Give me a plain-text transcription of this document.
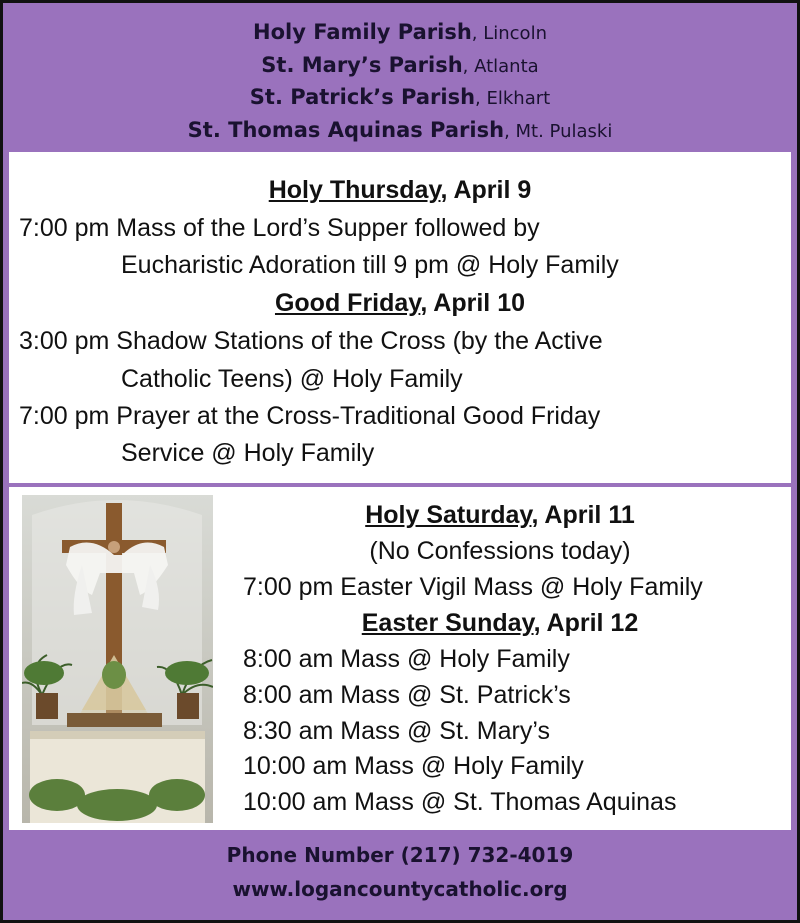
Holy Family Parish, Lincoln
St. Mary’s Parish, Atlanta
St. Patrick’s Parish, Elkhart
St. Thomas Aquinas Parish, Mt. Pulaski
Holy Thursday, April 9
7:00 pm Mass of the Lord’s Supper followed by
Eucharistic Adoration till 9 pm @ Holy Family
Good Friday, April 10
3:00 pm Shadow Stations of the Cross (by the Active
Catholic Teens) @ Holy Family
7:00 pm Prayer at the Cross-Traditional Good Friday
Service @ Holy Family
Holy Saturday, April 11
(No Confessions today)
7:00 pm Easter Vigil Mass @ Holy Family
Easter Sunday, April 12
8:00 am Mass @ Holy Family
8:00 am Mass @ St. Patrick’s
8:30 am Mass @ St. Mary’s
10:00 am Mass @ Holy Family
10:00 am Mass @ St. Thomas Aquinas
Phone Number (217) 732-4019
www.logancountycatholic.org
